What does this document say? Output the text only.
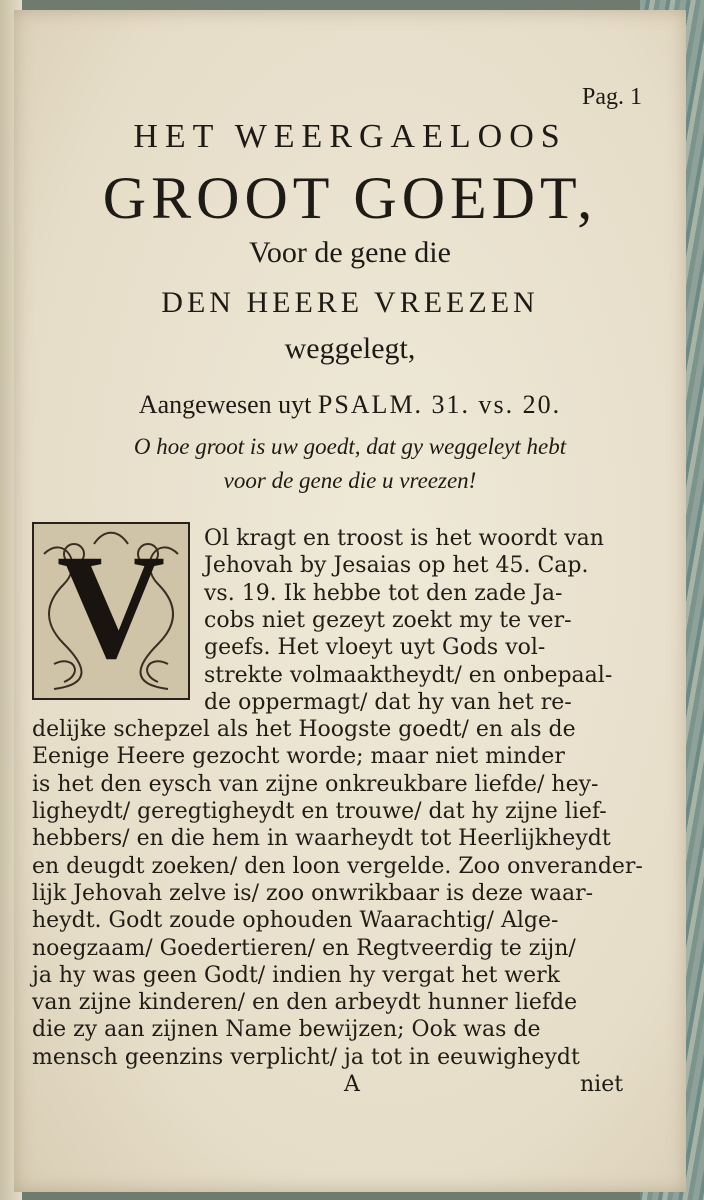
Pag. 1
HET WEERGAELOOS
GROOT GOEDT,
Voor de gene die
DEN HEERE VREEZEN
weggelegt,
Aangewesen uyt PSALM. 31. vs. 20.
O hoe groot is uw goedt, dat gy weggeleyt hebt
voor de gene die u vreezen!
V	Ol kragt en troost is het woordt van
Jehovah by Jesaias op het 45. Cap.
vs. 19. Ik hebbe tot den zade Ja-
cobs niet gezeyt zoekt my te ver-
geefs. Het vloeyt uyt Gods vol-
strekte volmaaktheydt/ en onbepaal-
de oppermagt/ dat hy van het re-
delijke schepzel als het Hoogste goedt/ en als de
Eenige Heere gezocht worde; maar niet minder
is het den eysch van zijne onkreukbare liefde/ hey-
ligheydt/ geregtigheydt en trouwe/ dat hy zijne lief-
hebbers/ en die hem in waarheydt tot Heerlijkheydt
en deugdt zoeken/ den loon vergelde. Zoo onverander-
lijk Jehovah zelve is/ zoo onwrikbaar is deze waar-
heydt. Godt zoude ophouden Waarachtig/ Alge-
noegzaam/ Goedertieren/ en Regtveerdig te zijn/
ja hy was geen Godt/ indien hy vergat het werk
van zijne kinderen/ en den arbeydt hunner liefde
die zy aan zijnen Name bewijzen; Ook was de
mensch geenzins verplicht/ ja tot in eeuwigheydt
A	niet
